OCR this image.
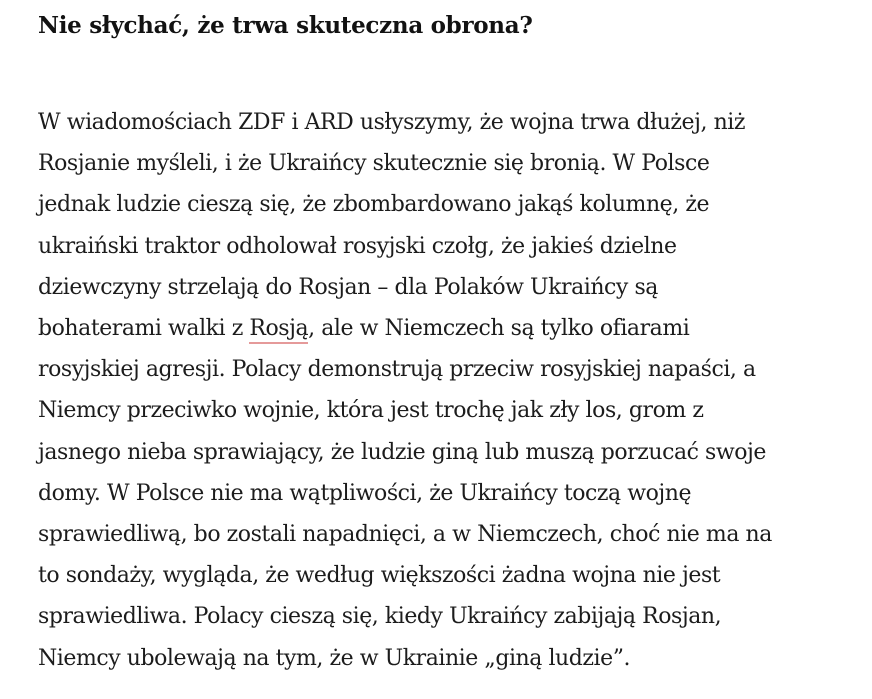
Nie słychać, że trwa skuteczna obrona?

W wiadomościach ZDF i ARD usłyszymy, że wojna trwa dłużej, niż
Rosjanie myśleli, i że Ukraińcy skutecznie się bronią. W Polsce
jednak ludzie cieszą się, że zbombardowano jakąś kolumnę, że
ukraiński traktor odholował rosyjski czołg, że jakieś dzielne
dziewczyny strzelają do Rosjan – dla Polaków Ukraińcy są
bohaterami walki z Rosją, ale w Niemczech są tylko ofiarami
rosyjskiej agresji. Polacy demonstrują przeciw rosyjskiej napaści, a
Niemcy przeciwko wojnie, która jest trochę jak zły los, grom z
jasnego nieba sprawiający, że ludzie giną lub muszą porzucać swoje
domy. W Polsce nie ma wątpliwości, że Ukraińcy toczą wojnę
sprawiedliwą, bo zostali napadnięci, a w Niemczech, choć nie ma na
to sondaży, wygląda, że według większości żadna wojna nie jest
sprawiedliwa. Polacy cieszą się, kiedy Ukraińcy zabijają Rosjan,
Niemcy ubolewają na tym, że w Ukrainie „giną ludzie”.
